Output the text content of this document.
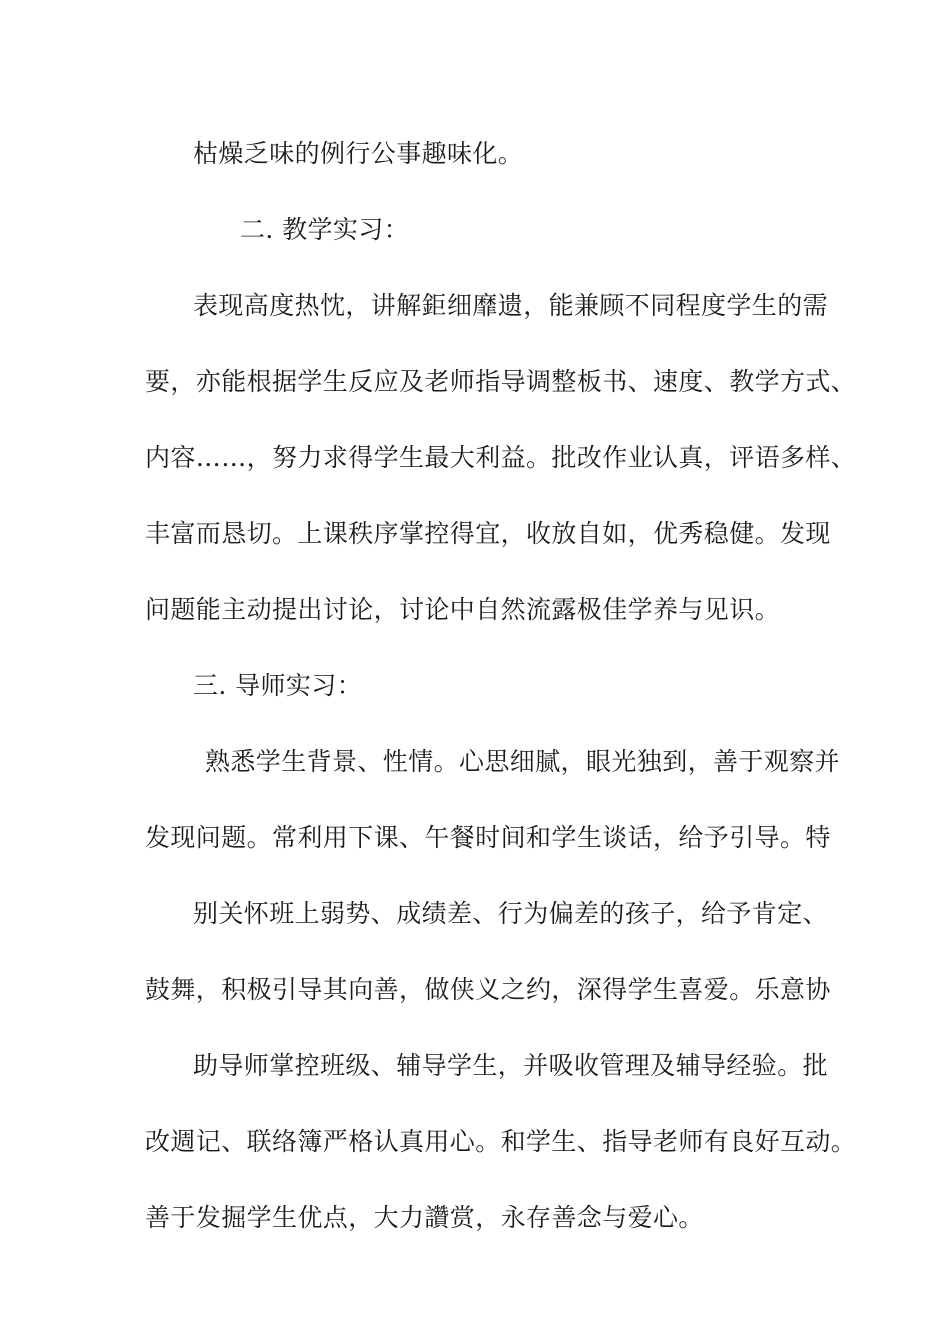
枯燥乏味的例行公事趣味化。

二. 教学实习：

表现高度热忱，讲解鉅细靡遗，能兼顾不同程度学生的需

要，亦能根据学生反应及老师指导调整板书、速度、教学方式、

内容……，努力求得学生最大利益。批改作业认真，评语多样、

丰富而恳切。上课秩序掌控得宜，收放自如，优秀稳健。发现

问题能主动提出讨论，讨论中自然流露极佳学养与见识。

三. 导师实习：

熟悉学生背景、性情。心思细腻，眼光独到，善于观察并

发现问题。常利用下课、午餐时间和学生谈话，给予引导。特

别关怀班上弱势、成绩差、行为偏差的孩子，给予肯定、

鼓舞，积极引导其向善，做侠义之约，深得学生喜爱。乐意协

助导师掌控班级、辅导学生，并吸收管理及辅导经验。批

改週记、联络簿严格认真用心。和学生、指导老师有良好互动。

善于发掘学生优点，大力讚赏，永存善念与爱心。
